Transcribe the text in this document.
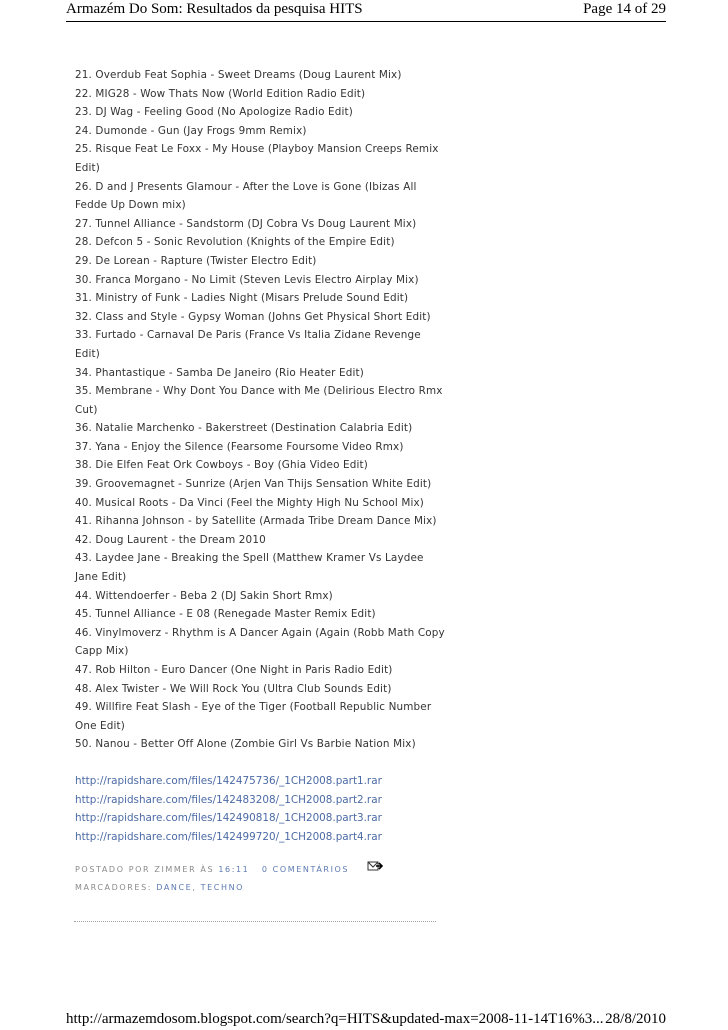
Armazém Do Som: Resultados da pesquisa HITS	Page 14 of 29
21. Overdub Feat Sophia - Sweet Dreams (Doug Laurent Mix)
22. MIG28 - Wow Thats Now (World Edition Radio Edit)
23. DJ Wag - Feeling Good (No Apologize Radio Edit)
24. Dumonde - Gun (Jay Frogs 9mm Remix)
25. Risque Feat Le Foxx - My House (Playboy Mansion Creeps Remix
Edit)
26. D and J Presents Glamour - After the Love is Gone (Ibizas All
Fedde Up Down mix)
27. Tunnel Alliance - Sandstorm (DJ Cobra Vs Doug Laurent Mix)
28. Defcon 5 - Sonic Revolution (Knights of the Empire Edit)
29. De Lorean - Rapture (Twister Electro Edit)
30. Franca Morgano - No Limit (Steven Levis Electro Airplay Mix)
31. Ministry of Funk - Ladies Night (Misars Prelude Sound Edit)
32. Class and Style - Gypsy Woman (Johns Get Physical Short Edit)
33. Furtado - Carnaval De Paris (France Vs Italia Zidane Revenge
Edit)
34. Phantastique - Samba De Janeiro (Rio Heater Edit)
35. Membrane - Why Dont You Dance with Me (Delirious Electro Rmx
Cut)
36. Natalie Marchenko - Bakerstreet (Destination Calabria Edit)
37. Yana - Enjoy the Silence (Fearsome Foursome Video Rmx)
38. Die Elfen Feat Ork Cowboys - Boy (Ghia Video Edit)
39. Groovemagnet - Sunrize (Arjen Van Thijs Sensation White Edit)
40. Musical Roots - Da Vinci (Feel the Mighty High Nu School Mix)
41. Rihanna Johnson - by Satellite (Armada Tribe Dream Dance Mix)
42. Doug Laurent - the Dream 2010
43. Laydee Jane - Breaking the Spell (Matthew Kramer Vs Laydee
Jane Edit)
44. Wittendoerfer - Beba 2 (DJ Sakin Short Rmx)
45. Tunnel Alliance - E 08 (Renegade Master Remix Edit)
46. Vinylmoverz - Rhythm is A Dancer Again (Again (Robb Math Copy
Capp Mix)
47. Rob Hilton - Euro Dancer (One Night in Paris Radio Edit)
48. Alex Twister - We Will Rock You (Ultra Club Sounds Edit)
49. Willfire Feat Slash - Eye of the Tiger (Football Republic Number
One Edit)
50. Nanou - Better Off Alone (Zombie Girl Vs Barbie Nation Mix)
http://rapidshare.com/files/142475736/_1CH2008.part1.rar
http://rapidshare.com/files/142483208/_1CH2008.part2.rar
http://rapidshare.com/files/142490818/_1CH2008.part3.rar
http://rapidshare.com/files/142499720/_1CH2008.part4.rar
POSTADO POR ZIMMER ÀS 16:11 0 COMENTÁRIOS
MARCADORES: DANCE, TECHNO
http://armazemdosom.blogspot.com/search?q=HITS&updated-max=2008-11-14T16%3... 28/8/2010
